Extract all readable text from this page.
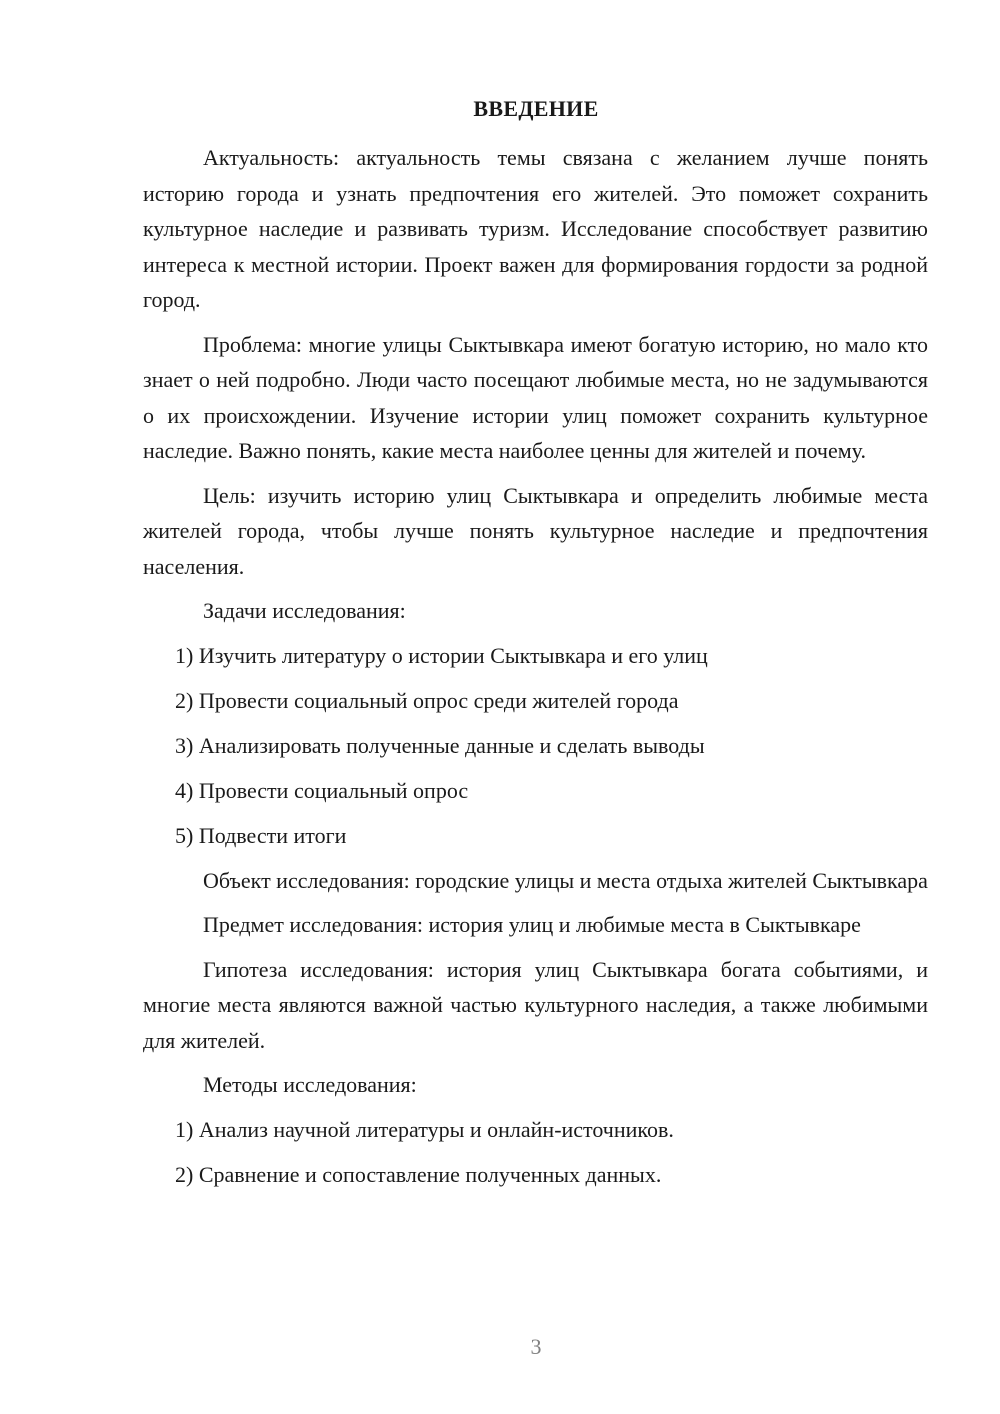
ВВЕДЕНИЕ

Актуальность: актуальность темы связана с желанием лучше понять историю города и узнать предпочтения его жителей. Это поможет сохранить культурное наследие и развивать туризм. Исследование способствует развитию интереса к местной истории. Проект важен для формирования гордости за родной город.

Проблема: многие улицы Сыктывкара имеют богатую историю, но мало кто знает о ней подробно. Люди часто посещают любимые места, но не задумываются о их происхождении. Изучение истории улиц поможет сохранить культурное наследие. Важно понять, какие места наиболее ценны для жителей и почему.

Цель: изучить историю улиц Сыктывкара и определить любимые места жителей города, чтобы лучше понять культурное наследие и предпочтения населения.

Задачи исследования:

1) Изучить литературу о истории Сыктывкара и его улиц

2) Провести социальный опрос среди жителей города

3) Анализировать полученные данные и сделать выводы

4) Провести социальный опрос

5) Подвести итоги

Объект исследования: городские улицы и места отдыха жителей Сыктывкара

Предмет исследования: история улиц и любимые места в Сыктывкаре

Гипотеза исследования: история улиц Сыктывкара богата событиями, и многие места являются важной частью культурного наследия, а также любимыми для жителей.

Методы исследования:

1) Анализ научной литературы и онлайн-источников.

2) Сравнение и сопоставление полученных данных.

3
